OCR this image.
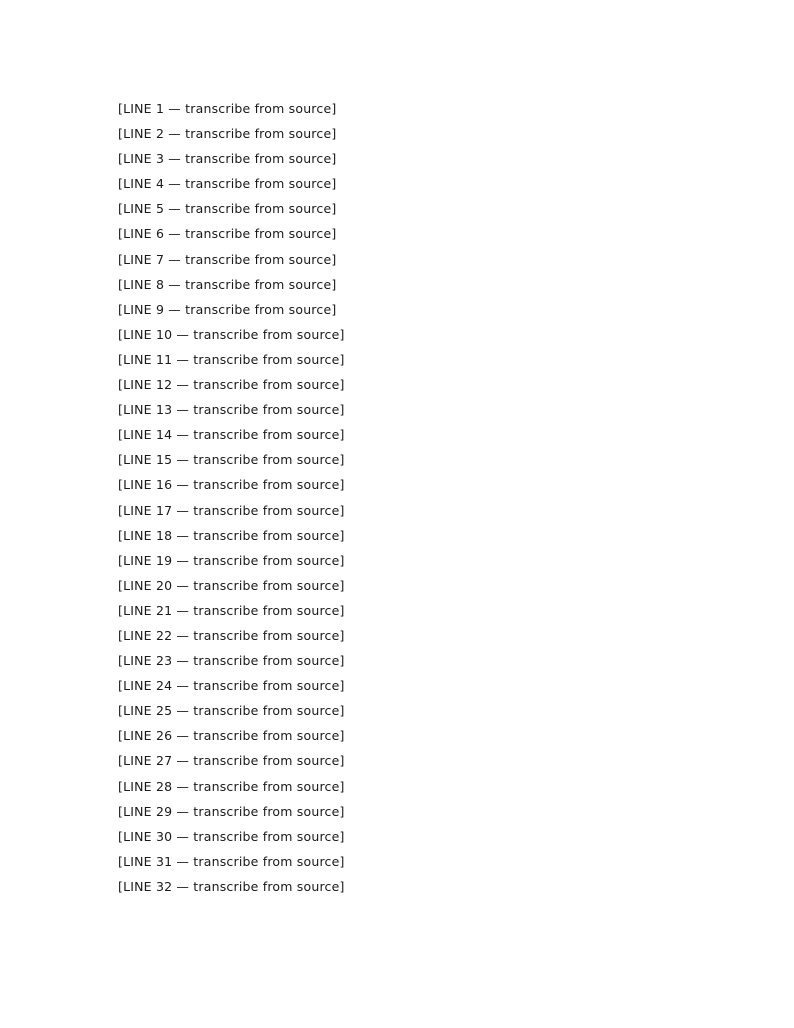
[LINE 1 — transcribe from source]
[LINE 2 — transcribe from source]
[LINE 3 — transcribe from source]
[LINE 4 — transcribe from source]
[LINE 5 — transcribe from source]
[LINE 6 — transcribe from source]
[LINE 7 — transcribe from source]
[LINE 8 — transcribe from source]
[LINE 9 — transcribe from source]
[LINE 10 — transcribe from source]
[LINE 11 — transcribe from source]
[LINE 12 — transcribe from source]
[LINE 13 — transcribe from source]
[LINE 14 — transcribe from source]
[LINE 15 — transcribe from source]
[LINE 16 — transcribe from source]
[LINE 17 — transcribe from source]
[LINE 18 — transcribe from source]
[LINE 19 — transcribe from source]
[LINE 20 — transcribe from source]
[LINE 21 — transcribe from source]
[LINE 22 — transcribe from source]
[LINE 23 — transcribe from source]
[LINE 24 — transcribe from source]
[LINE 25 — transcribe from source]
[LINE 26 — transcribe from source]
[LINE 27 — transcribe from source]
[LINE 28 — transcribe from source]
[LINE 29 — transcribe from source]
[LINE 30 — transcribe from source]
[LINE 31 — transcribe from source]
[LINE 32 — transcribe from source]
